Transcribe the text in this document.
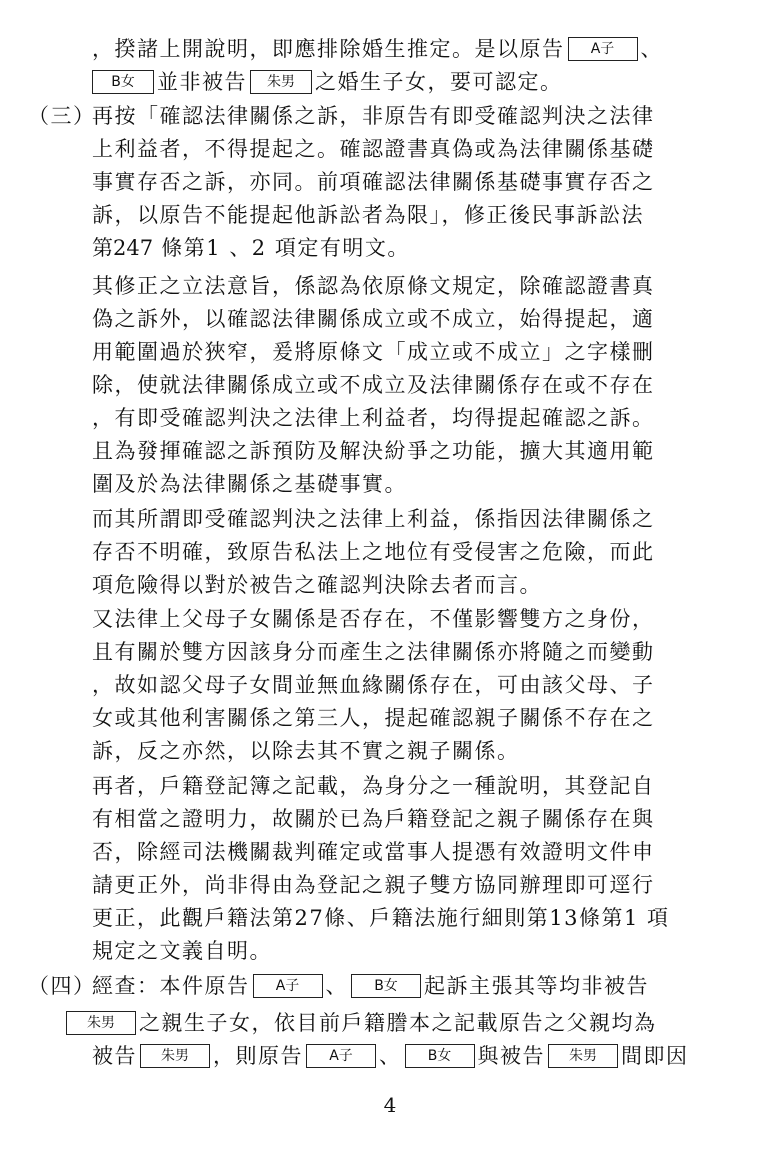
，揆諸上開說明，即應排除婚生推定。是以原告 A子 、
B女 並非被告 朱男 之婚生子女，要可認定。
（三）
再按「確認法律關係之訴，非原告有即受確認判決之法律
上利益者，不得提起之。確認證書真偽或為法律關係基礎
事實存否之訴，亦同。前項確認法律關係基礎事實存否之
訴，以原告不能提起他訴訟者為限」，修正後民事訴訟法
第247 條第1 、2 項定有明文。
其修正之立法意旨，係認為依原條文規定，除確認證書真
偽之訴外，以確認法律關係成立或不成立，始得提起，適
用範圍過於狹窄，爰將原條文「成立或不成立」之字樣刪
除，使就法律關係成立或不成立及法律關係存在或不存在
，有即受確認判決之法律上利益者，均得提起確認之訴。
且為發揮確認之訴預防及解決紛爭之功能，擴大其適用範
圍及於為法律關係之基礎事實。
而其所謂即受確認判決之法律上利益，係指因法律關係之
存否不明確，致原告私法上之地位有受侵害之危險，而此
項危險得以對於被告之確認判決除去者而言。
又法律上父母子女關係是否存在，不僅影響雙方之身份，
且有關於雙方因該身分而產生之法律關係亦將隨之而變動
，故如認父母子女間並無血緣關係存在，可由該父母、子
女或其他利害關係之第三人，提起確認親子關係不存在之
訴，反之亦然，以除去其不實之親子關係。
再者，戶籍登記簿之記載，為身分之一種說明，其登記自
有相當之證明力，故關於已為戶籍登記之親子關係存在與
否，除經司法機關裁判確定或當事人提憑有效證明文件申
請更正外，尚非得由為登記之親子雙方協同辦理即可逕行
更正，此觀戶籍法第27條、戶籍法施行細則第13條第1 項
規定之文義自明。
（四）
經查：本件原告 A子 、 B女 起訴主張其等均非被告
朱男 之親生子女，依目前戶籍謄本之記載原告之父親均為
被告 朱男 ，則原告 A子 、 B女 與被告 朱男 間即因
4
